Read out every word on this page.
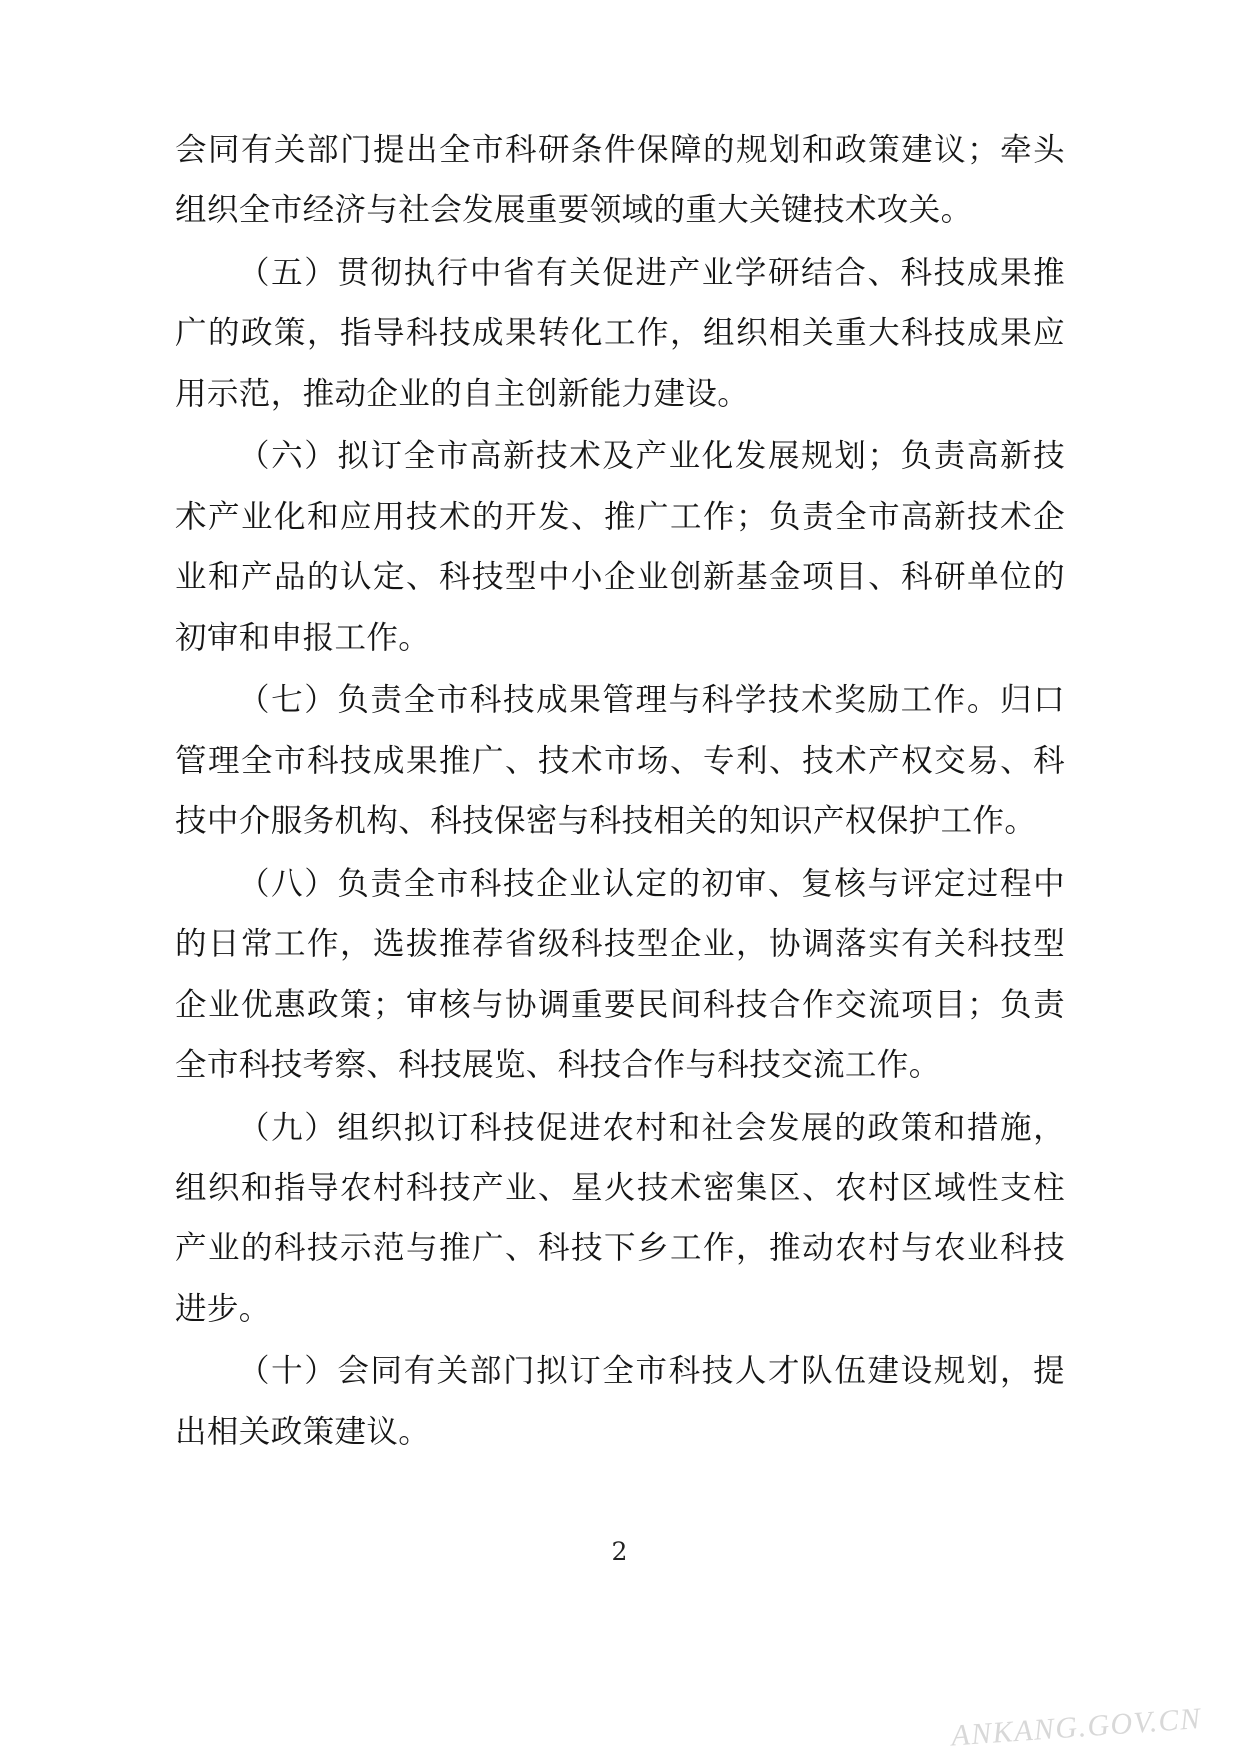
会同有关部门提出全市科研条件保障的规划和政策建议；牵头组织全市经济与社会发展重要领域的重大关键技术攻关。

（五）贯彻执行中省有关促进产业学研结合、科技成果推广的政策，指导科技成果转化工作，组织相关重大科技成果应用示范，推动企业的自主创新能力建设。

（六）拟订全市高新技术及产业化发展规划；负责高新技术产业化和应用技术的开发、推广工作；负责全市高新技术企业和产品的认定、科技型中小企业创新基金项目、科研单位的初审和申报工作。

（七）负责全市科技成果管理与科学技术奖励工作。归口管理全市科技成果推广、技术市场、专利、技术产权交易、科技中介服务机构、科技保密与科技相关的知识产权保护工作。

（八）负责全市科技企业认定的初审、复核与评定过程中的日常工作，选拔推荐省级科技型企业，协调落实有关科技型企业优惠政策；审核与协调重要民间科技合作交流项目；负责全市科技考察、科技展览、科技合作与科技交流工作。

（九）组织拟订科技促进农村和社会发展的政策和措施，组织和指导农村科技产业、星火技术密集区、农村区域性支柱产业的科技示范与推广、科技下乡工作，推动农村与农业科技进步。

（十）会同有关部门拟订全市科技人才队伍建设规划，提出相关政策建议。

2
ANKANG.GOV.CN
